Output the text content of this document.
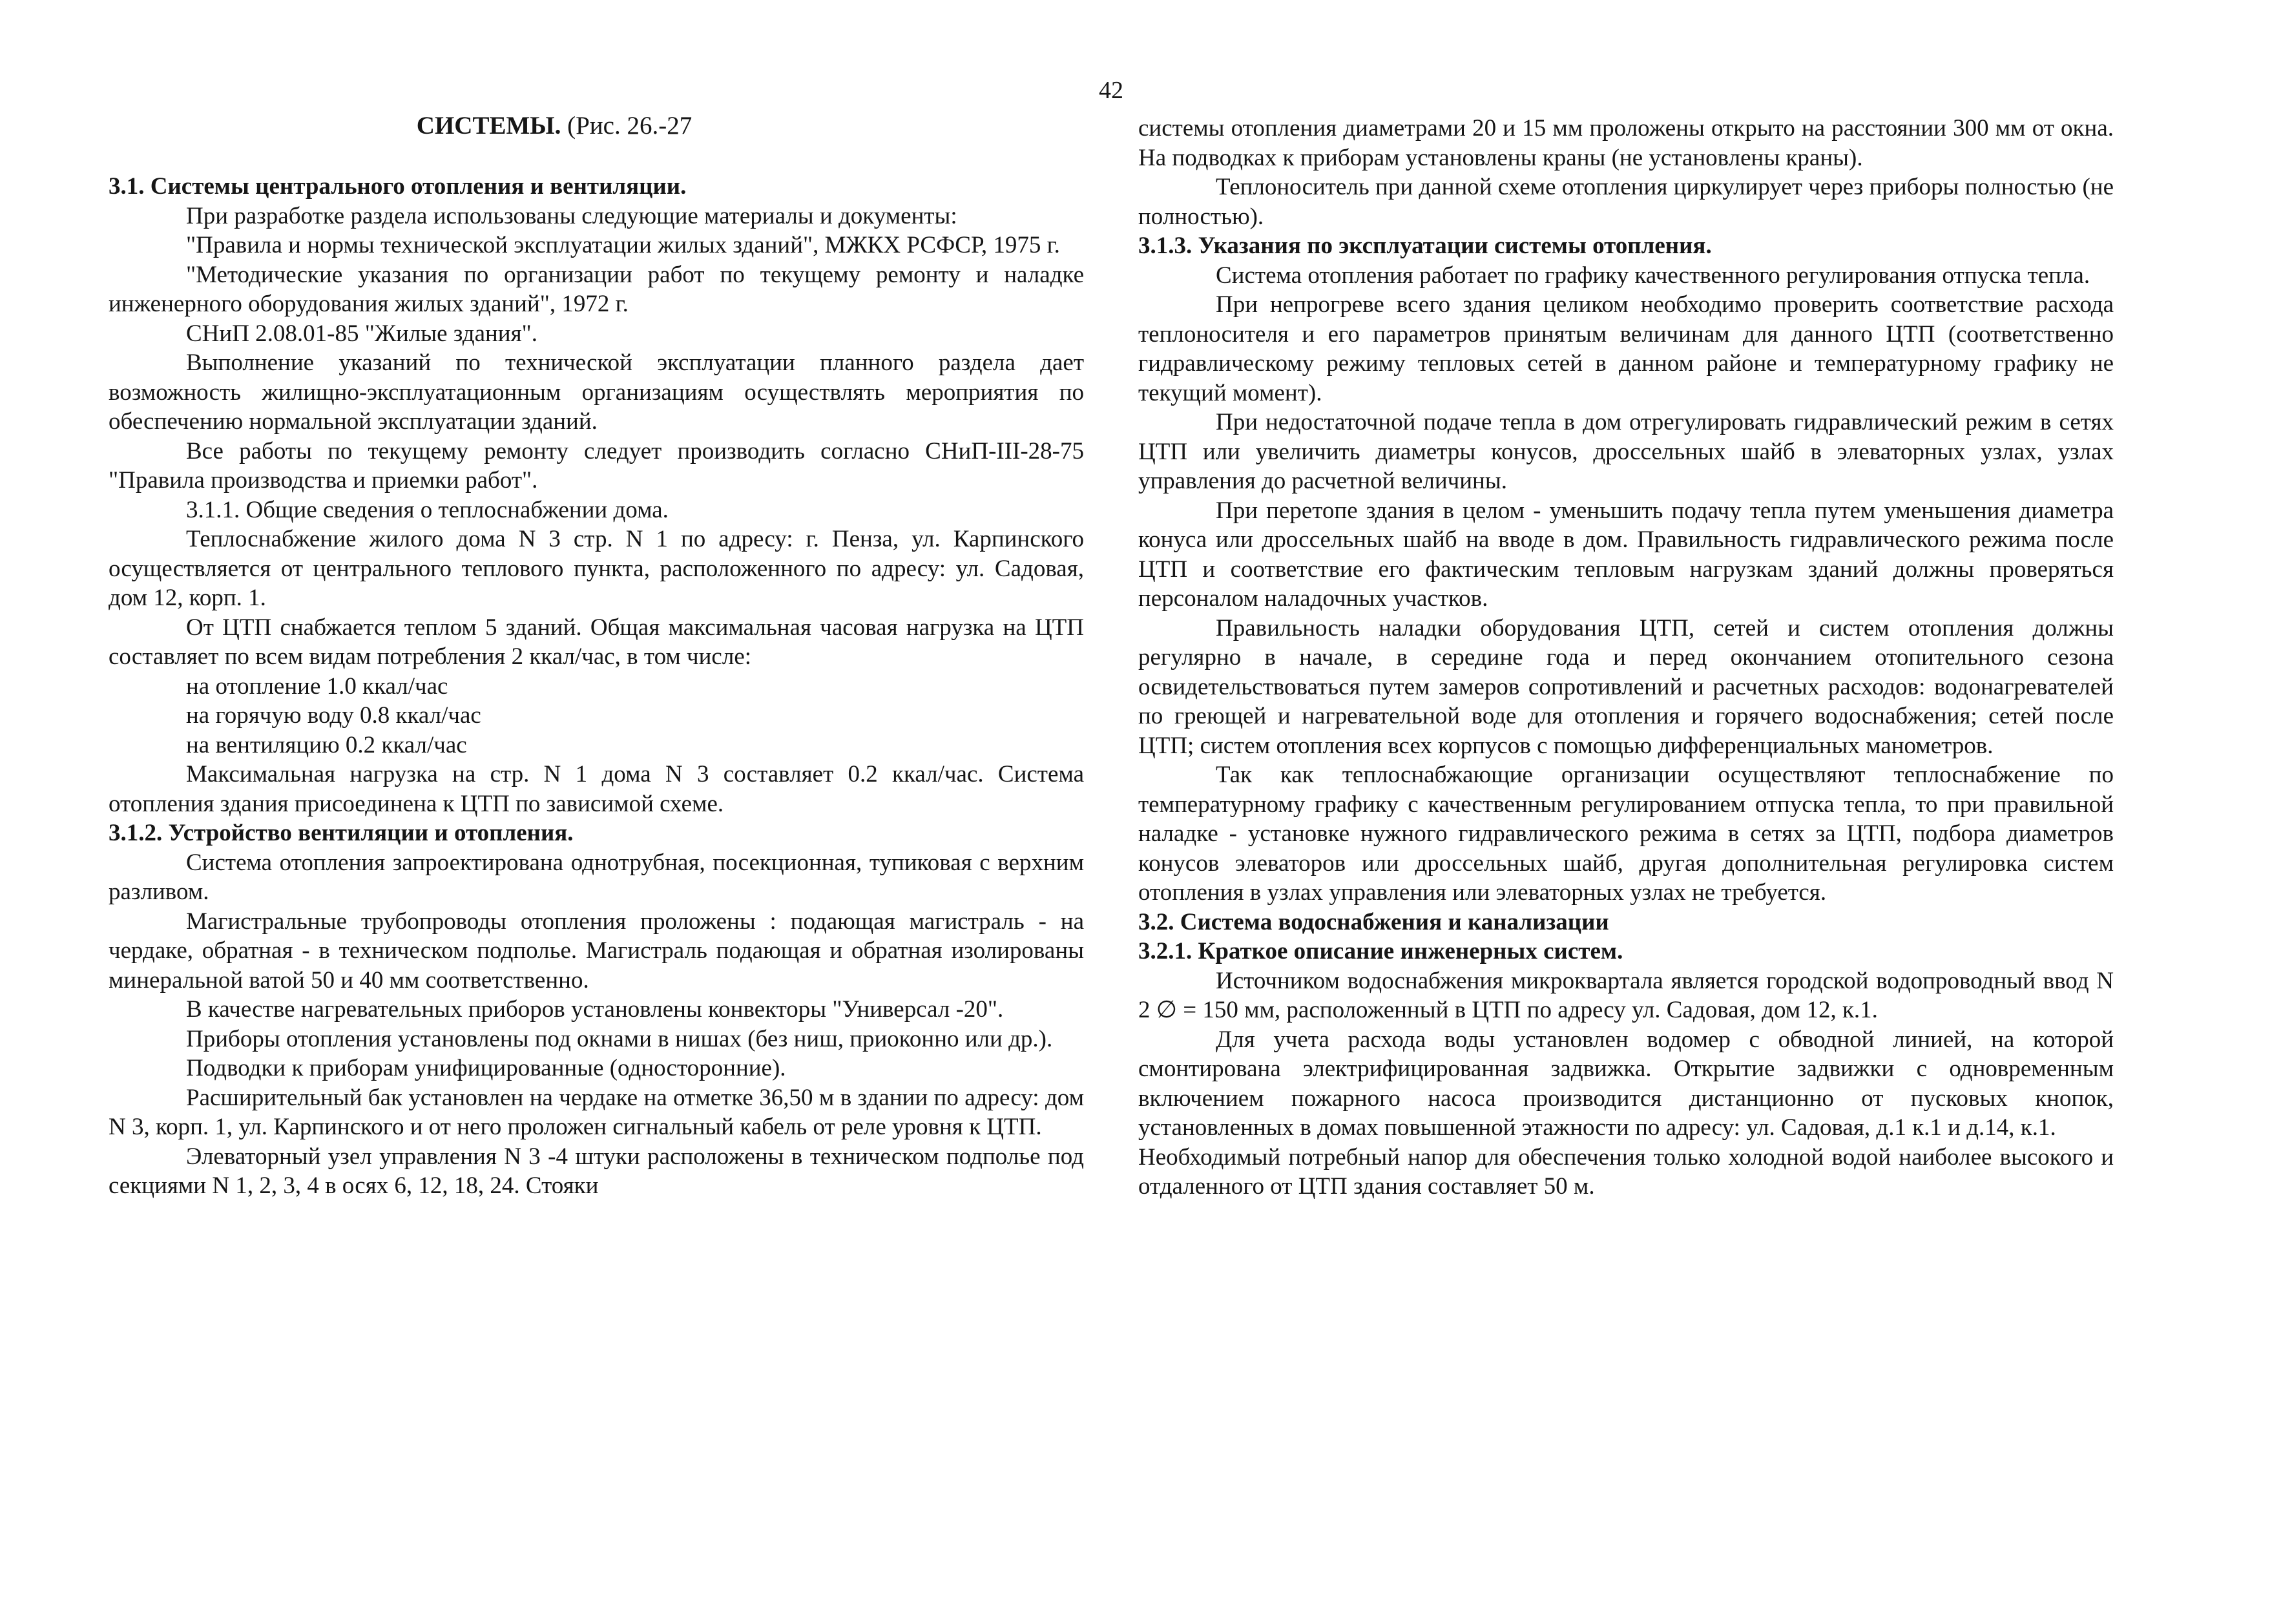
42
СИСТЕМЫ. (Рис. 26.-27

3.1. Системы центрального отопления и вентиляции.

При разработке раздела использованы следующие материалы и документы:

"Правила и нормы технической эксплуатации жилых зданий", МЖКХ РСФСР, 1975 г.

"Методические указания по организации работ по текущему ремонту и наладке инженерного оборудования жилых зданий", 1972 г.

СНиП 2.08.01-85 "Жилые здания".

Выполнение указаний по технической эксплуатации планного раздела дает возможность жилищно-эксплуатационным организациям осуществлять мероприятия по обеспечению нормальной эксплуатации зданий.

Все работы по текущему ремонту следует производить согласно СНиП-III-28-75 "Правила производства и приемки работ".

3.1.1. Общие сведения о теплоснабжении дома.

Теплоснабжение жилого дома N 3 стр. N 1 по адресу: г. Пенза, ул. Карпинского осуществляется от центрального теплового пункта, расположенного по адресу: ул. Садовая, дом 12, корп. 1.

От ЦТП снабжается теплом 5 зданий. Общая максимальная часовая нагрузка на ЦТП составляет по всем видам потребления 2 ккал/час, в том числе:

на отопление 1.0 ккал/час

на горячую воду 0.8 ккал/час

на вентиляцию 0.2 ккал/час

Максимальная нагрузка на стр. N 1 дома N 3 составляет 0.2 ккал/час. Система отопления здания присоединена к ЦТП по зависимой схеме.

3.1.2. Устройство вентиляции и отопления.

Система отопления запроектирована однотрубная, посекционная, тупиковая с верхним разливом.

Магистральные трубопроводы отопления проложены : подающая магистраль - на чердаке, обратная - в техническом подполье. Магистраль подающая и обратная изолированы минеральной ватой 50 и 40 мм соответственно.

В качестве нагревательных приборов установлены конвекторы "Универсал -20".

Приборы отопления установлены под окнами в нишах (без ниш, приоконно или др.).

Подводки к приборам унифицированные (односторонние).

Расширительный бак установлен на чердаке на отметке 36,50 м в здании по адресу: дом N 3, корп. 1, ул. Карпинского и от него проложен сигнальный кабель от реле уровня к ЦТП.

Элеваторный узел управления N 3 -4 штуки расположены в техническом подполье под секциями N 1, 2, 3, 4 в осях 6, 12, 18, 24. Стояки

системы отопления диаметрами 20 и 15 мм проложены открыто на расстоянии 300 мм от окна. На подводках к приборам установлены краны (не установлены краны).

Теплоноситель при данной схеме отопления циркулирует через приборы полностью (не полностью).

3.1.3. Указания по эксплуатации системы отопления.

Система отопления работает по графику качественного регулирования отпуска тепла.

При непрогреве всего здания целиком необходимо проверить соответствие расхода теплоносителя и его параметров принятым величинам для данного ЦТП (соответственно гидравлическому режиму тепловых сетей в данном районе и температурному графику не текущий момент).

При недостаточной подаче тепла в дом отрегулировать гидравлический режим в сетях ЦТП или увеличить диаметры конусов, дроссельных шайб в элеваторных узлах, узлах управления до расчетной величины.

При перетопе здания в целом - уменьшить подачу тепла путем уменьшения диаметра конуса или дроссельных шайб на вводе в дом. Правильность гидравлического режима после ЦТП и соответствие его фактическим тепловым нагрузкам зданий должны проверяться персоналом наладочных участков.

Правильность наладки оборудования ЦТП, сетей и систем отопления должны регулярно в начале, в середине года и перед окончанием отопительного сезона освидетельствоваться путем замеров сопротивлений и расчетных расходов: водонагревателей по греющей и нагревательной воде для отопления и горячего водоснабжения; сетей после ЦТП; систем отопления всех корпусов с помощью дифференциальных манометров.

Так как теплоснабжающие организации осуществляют теплоснабжение по температурному графику с качественным регулированием отпуска тепла, то при правильной наладке - установке нужного гидравлического режима в сетях за ЦТП, подбора диаметров конусов элеваторов или дроссельных шайб, другая дополнительная регулировка систем отопления в узлах управления или элеваторных узлах не требуется.

3.2. Система водоснабжения и канализации

3.2.1. Краткое описание инженерных систем.

Источником водоснабжения микроквартала является городской водопроводный ввод N 2 ∅ = 150 мм, расположенный в ЦТП по адресу ул. Садовая, дом 12, к.1.

Для учета расхода воды установлен водомер с обводной линией, на которой смонтирована электрифицированная задвижка. Открытие задвижки с одновременным включением пожарного насоса производится дистанционно от пусковых кнопок, установленных в домах повышенной этажности по адресу: ул. Садовая, д.1 к.1 и д.14, к.1.

Необходимый потребный напор для обеспечения только холодной водой наиболее высокого и отдаленного от ЦТП здания составляет 50 м.
